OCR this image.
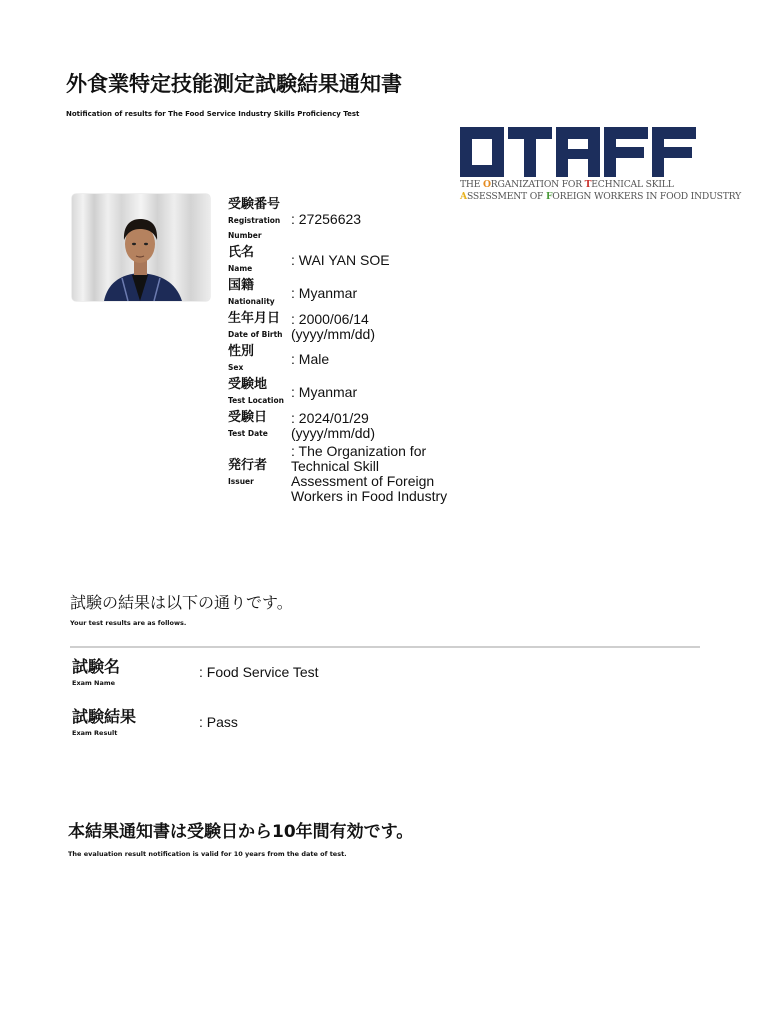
外食業特定技能測定試験結果通知書
Notification of results for The Food Service Industry Skills Proficiency Test
THE ORGANIZATION FOR TECHNICAL SKILL
ASSESSMENT OF FOREIGN WORKERS IN FOOD INDUSTRY
受験番号
Registration
Number
: 27256623
氏名
Name
: WAI YAN SOE
国籍
Nationality
: Myanmar
生年月日
Date of Birth
: 2000/06/14
(yyyy/mm/dd)
性別
Sex
: Male
受験地
Test Location
: Myanmar
受験日
Test Date
: 2024/01/29
(yyyy/mm/dd)
発行者
Issuer
: The Organization for
Technical Skill
Assessment of Foreign
Workers in Food Industry
試験の結果は以下の通りです。
Your test results are as follows.
試験名
Exam Name
: Food Service Test
試験結果
Exam Result
: Pass
本結果通知書は受験日から10年間有効です。
The evaluation result notification is valid for 10 years from the date of test.
